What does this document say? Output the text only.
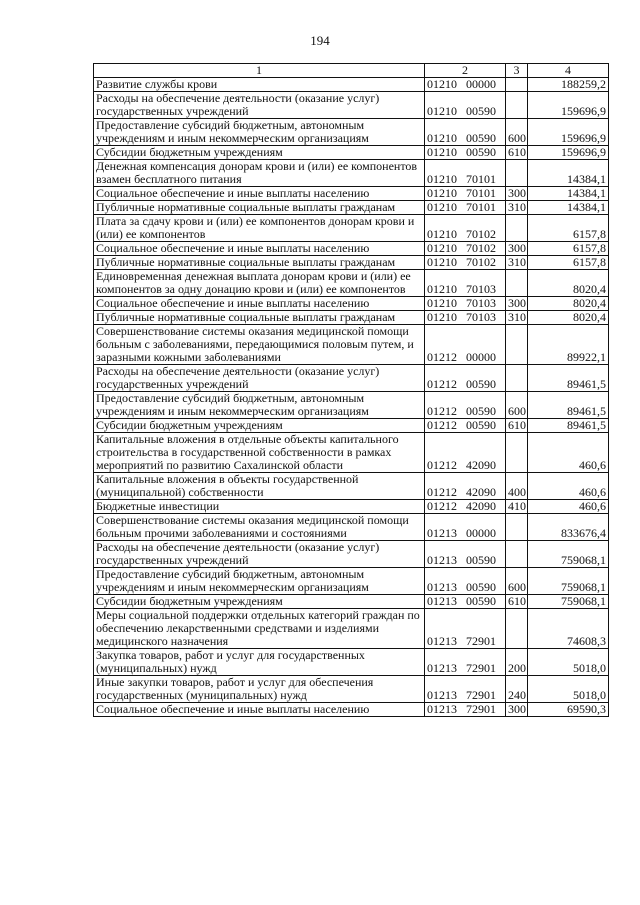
194
1	2	3	4
Развитие службы крови	01210 00000		188259,2
Расходы на обеспечение деятельности (оказание услуг) государственных учреждений	01210 00590		159696,9
Предоставление субсидий бюджетным, автономным учреждениям и иным некоммерческим организациям	01210 00590	600	159696,9
Субсидии бюджетным учреждениям	01210 00590	610	159696,9
Денежная компенсация донорам крови и (или) ее компонентов взамен бесплатного питания	01210 70101		14384,1
Социальное обеспечение и иные выплаты населению	01210 70101	300	14384,1
Публичные нормативные социальные выплаты гражданам	01210 70101	310	14384,1
Плата за сдачу крови и (или) ее компонентов донорам крови и (или) ее компонентов	01210 70102		6157,8
Социальное обеспечение и иные выплаты населению	01210 70102	300	6157,8
Публичные нормативные социальные выплаты гражданам	01210 70102	310	6157,8
Единовременная денежная выплата донорам крови и (или) ее компонентов за одну донацию крови и (или) ее компонентов	01210 70103		8020,4
Социальное обеспечение и иные выплаты населению	01210 70103	300	8020,4
Публичные нормативные социальные выплаты гражданам	01210 70103	310	8020,4
Совершенствование системы оказания медицинской помощи больным с заболеваниями, передающимися половым путем, и заразными кожными заболеваниями	01212 00000		89922,1
Расходы на обеспечение деятельности (оказание услуг) государственных учреждений	01212 00590		89461,5
Предоставление субсидий бюджетным, автономным учреждениям и иным некоммерческим организациям	01212 00590	600	89461,5
Субсидии бюджетным учреждениям	01212 00590	610	89461,5
Капитальные вложения в отдельные объекты капитального строительства в государственной собственности в рамках мероприятий по развитию Сахалинской области	01212 42090		460,6
Капитальные вложения в объекты государственной (муниципальной) собственности	01212 42090	400	460,6
Бюджетные инвестиции	01212 42090	410	460,6
Совершенствование системы оказания медицинской помощи больным прочими заболеваниями и состояниями	01213 00000		833676,4
Расходы на обеспечение деятельности (оказание услуг) государственных учреждений	01213 00590		759068,1
Предоставление субсидий бюджетным, автономным учреждениям и иным некоммерческим организациям	01213 00590	600	759068,1
Субсидии бюджетным учреждениям	01213 00590	610	759068,1
Меры социальной поддержки отдельных категорий граждан по обеспечению лекарственными средствами и изделиями медицинского назначения	01213 72901		74608,3
Закупка товаров, работ и услуг для государственных (муниципальных) нужд	01213 72901	200	5018,0
Иные закупки товаров, работ и услуг для обеспечения государственных (муниципальных) нужд	01213 72901	240	5018,0
Социальное обеспечение и иные выплаты населению	01213 72901	300	69590,3
